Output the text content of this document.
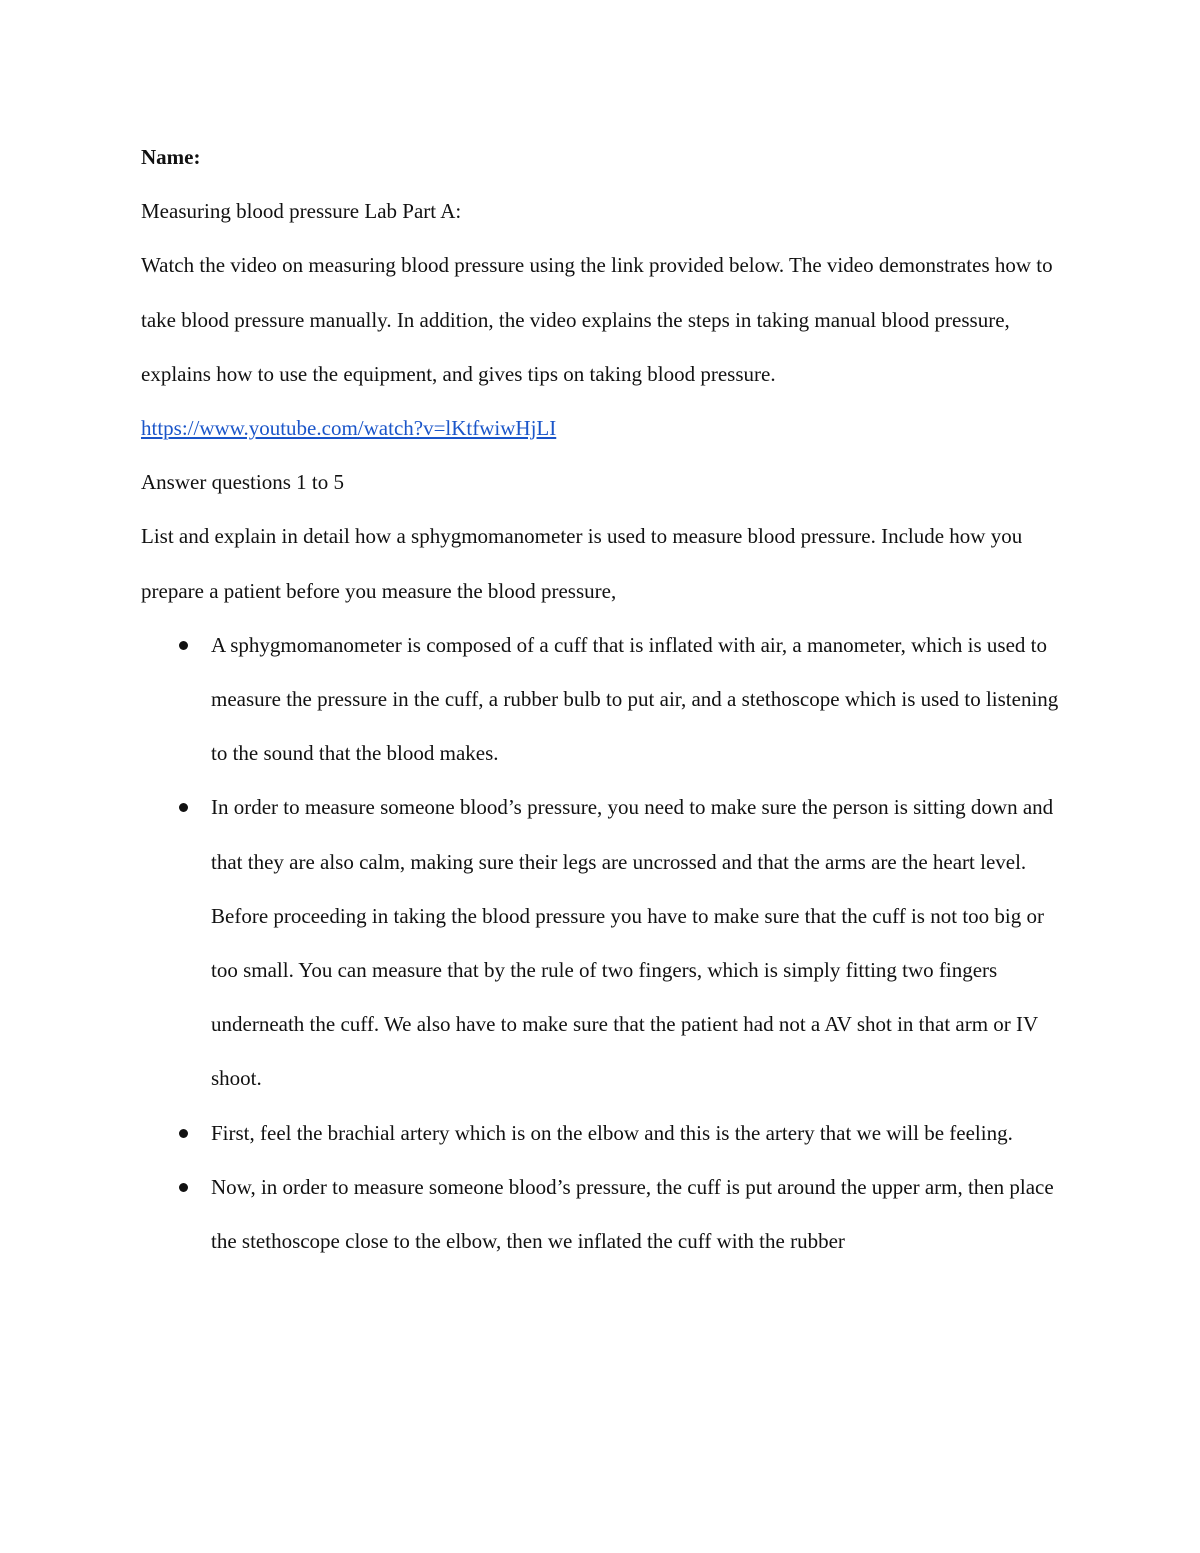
Name:

Measuring blood pressure Lab Part A:

Watch the video on measuring blood pressure using the link provided below. The video demonstrates how to take blood pressure manually. In addition, the video explains the steps in taking manual blood pressure, explains how to use the equipment, and gives tips on taking blood pressure.

https://www.youtube.com/watch?v=lKtfwiwHjLI

Answer questions 1 to 5

List and explain in detail how a sphygmomanometer is used to measure blood pressure. Include how you prepare a patient before you measure the blood pressure,

A sphygmomanometer is composed of a cuff that is inflated with air, a manometer, which is used to measure the pressure in the cuff, a rubber bulb to put air, and a stethoscope which is used to listening to the sound that the blood makes.
In order to measure someone blood’s pressure, you need to make sure the person is sitting down and that they are also calm, making sure their legs are uncrossed and that the arms are the heart level. Before proceeding in taking the blood pressure you have to make sure that the cuff is not too big or too small. You can measure that by the rule of two fingers, which is simply fitting two fingers underneath the cuff. We also have to make sure that the patient had not a AV shot in that arm or IV shoot.
First, feel the brachial artery which is on the elbow and this is the artery that we will be feeling.
Now, in order to measure someone blood’s pressure, the cuff is put around the upper arm, then place the stethoscope close to the elbow, then we inflated the cuff with the rubber
